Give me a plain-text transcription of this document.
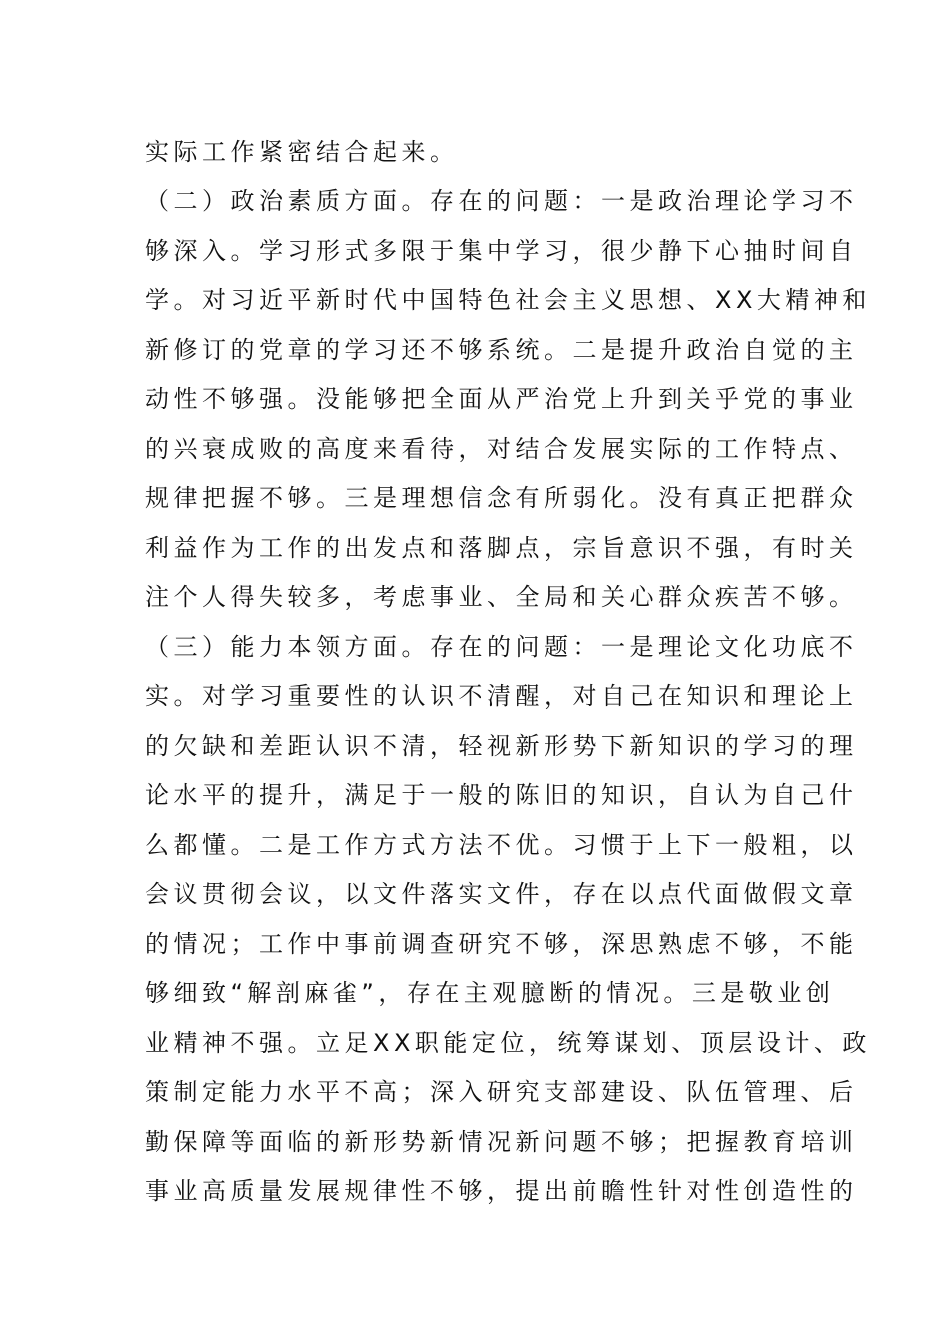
实际工作紧密结合起来。
（二）政治素质方面。存在的问题：一是政治理论学习不
够深入。学习形式多限于集中学习，很少静下心抽时间自
学。对习近平新时代中国特色社会主义思想、XX大精神和
新修订的党章的学习还不够系统。二是提升政治自觉的主
动性不够强。没能够把全面从严治党上升到关乎党的事业
的兴衰成败的高度来看待，对结合发展实际的工作特点、
规律把握不够。三是理想信念有所弱化。没有真正把群众
利益作为工作的出发点和落脚点，宗旨意识不强，有时关
注个人得失较多，考虑事业、全局和关心群众疾苦不够。
（三）能力本领方面。存在的问题：一是理论文化功底不
实。对学习重要性的认识不清醒，对自己在知识和理论上
的欠缺和差距认识不清，轻视新形势下新知识的学习的理
论水平的提升，满足于一般的陈旧的知识，自认为自己什
么都懂。二是工作方式方法不优。习惯于上下一般粗，以
会议贯彻会议，以文件落实文件，存在以点代面做假文章
的情况；工作中事前调查研究不够，深思熟虑不够，不能
够细致“解剖麻雀”，存在主观臆断的情况。三是敬业创
业精神不强。立足XX职能定位，统筹谋划、顶层设计、政
策制定能力水平不高；深入研究支部建设、队伍管理、后
勤保障等面临的新形势新情况新问题不够；把握教育培训
事业高质量发展规律性不够，提出前瞻性针对性创造性的
